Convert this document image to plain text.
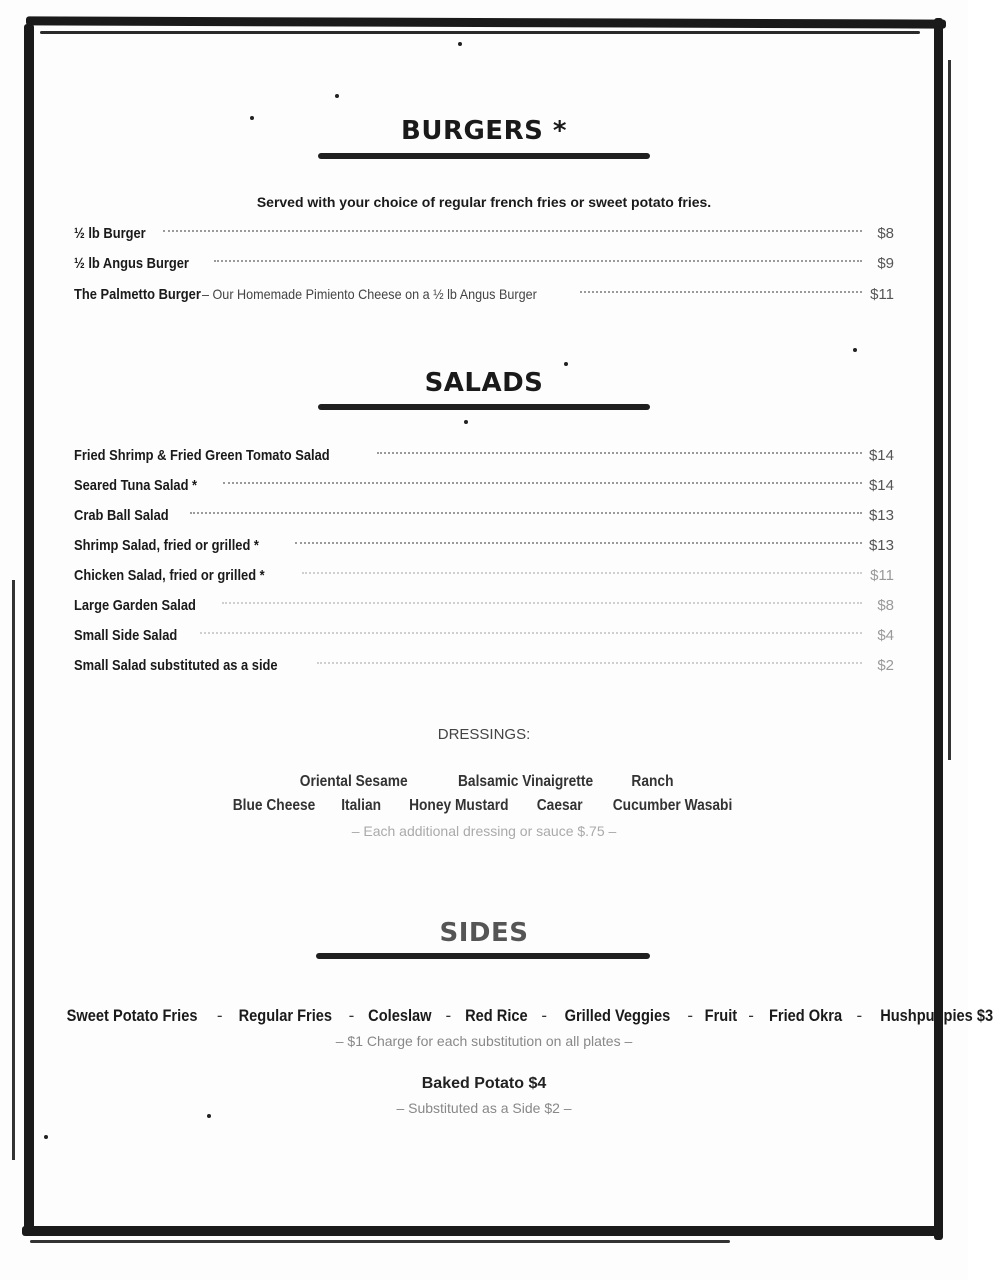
BURGERS *
Served with your choice of regular french fries or sweet potato fries.
½ lb Burger	$8
½ lb Angus Burger	$9
The Palmetto Burger – Our Homemade Pimiento Cheese on a ½ lb Angus Burger	$11
SALADS
Fried Shrimp & Fried Green Tomato Salad	$14
Seared Tuna Salad *	$14
Crab Ball Salad	$13
Shrimp Salad, fried or grilled *	$13
Chicken Salad, fried or grilled *	$11
Large Garden Salad	$8
Small Side Salad	$4
Small Salad substituted as a side	$2
DRESSINGS:
Oriental Sesame	Balsamic Vinaigrette Ranch
Blue Cheese Italian Honey Mustard Caesar Cucumber Wasabi
– Each additional dressing or sauce $.75 –
SIDES
Sweet Potato Fries - Regular Fries - Coleslaw - Red Rice - Grilled Veggies - Fruit - Fried Okra - Hushpuppies $3
– $1 Charge for each substitution on all plates –
Baked Potato $4
– Substituted as a Side $2 –
